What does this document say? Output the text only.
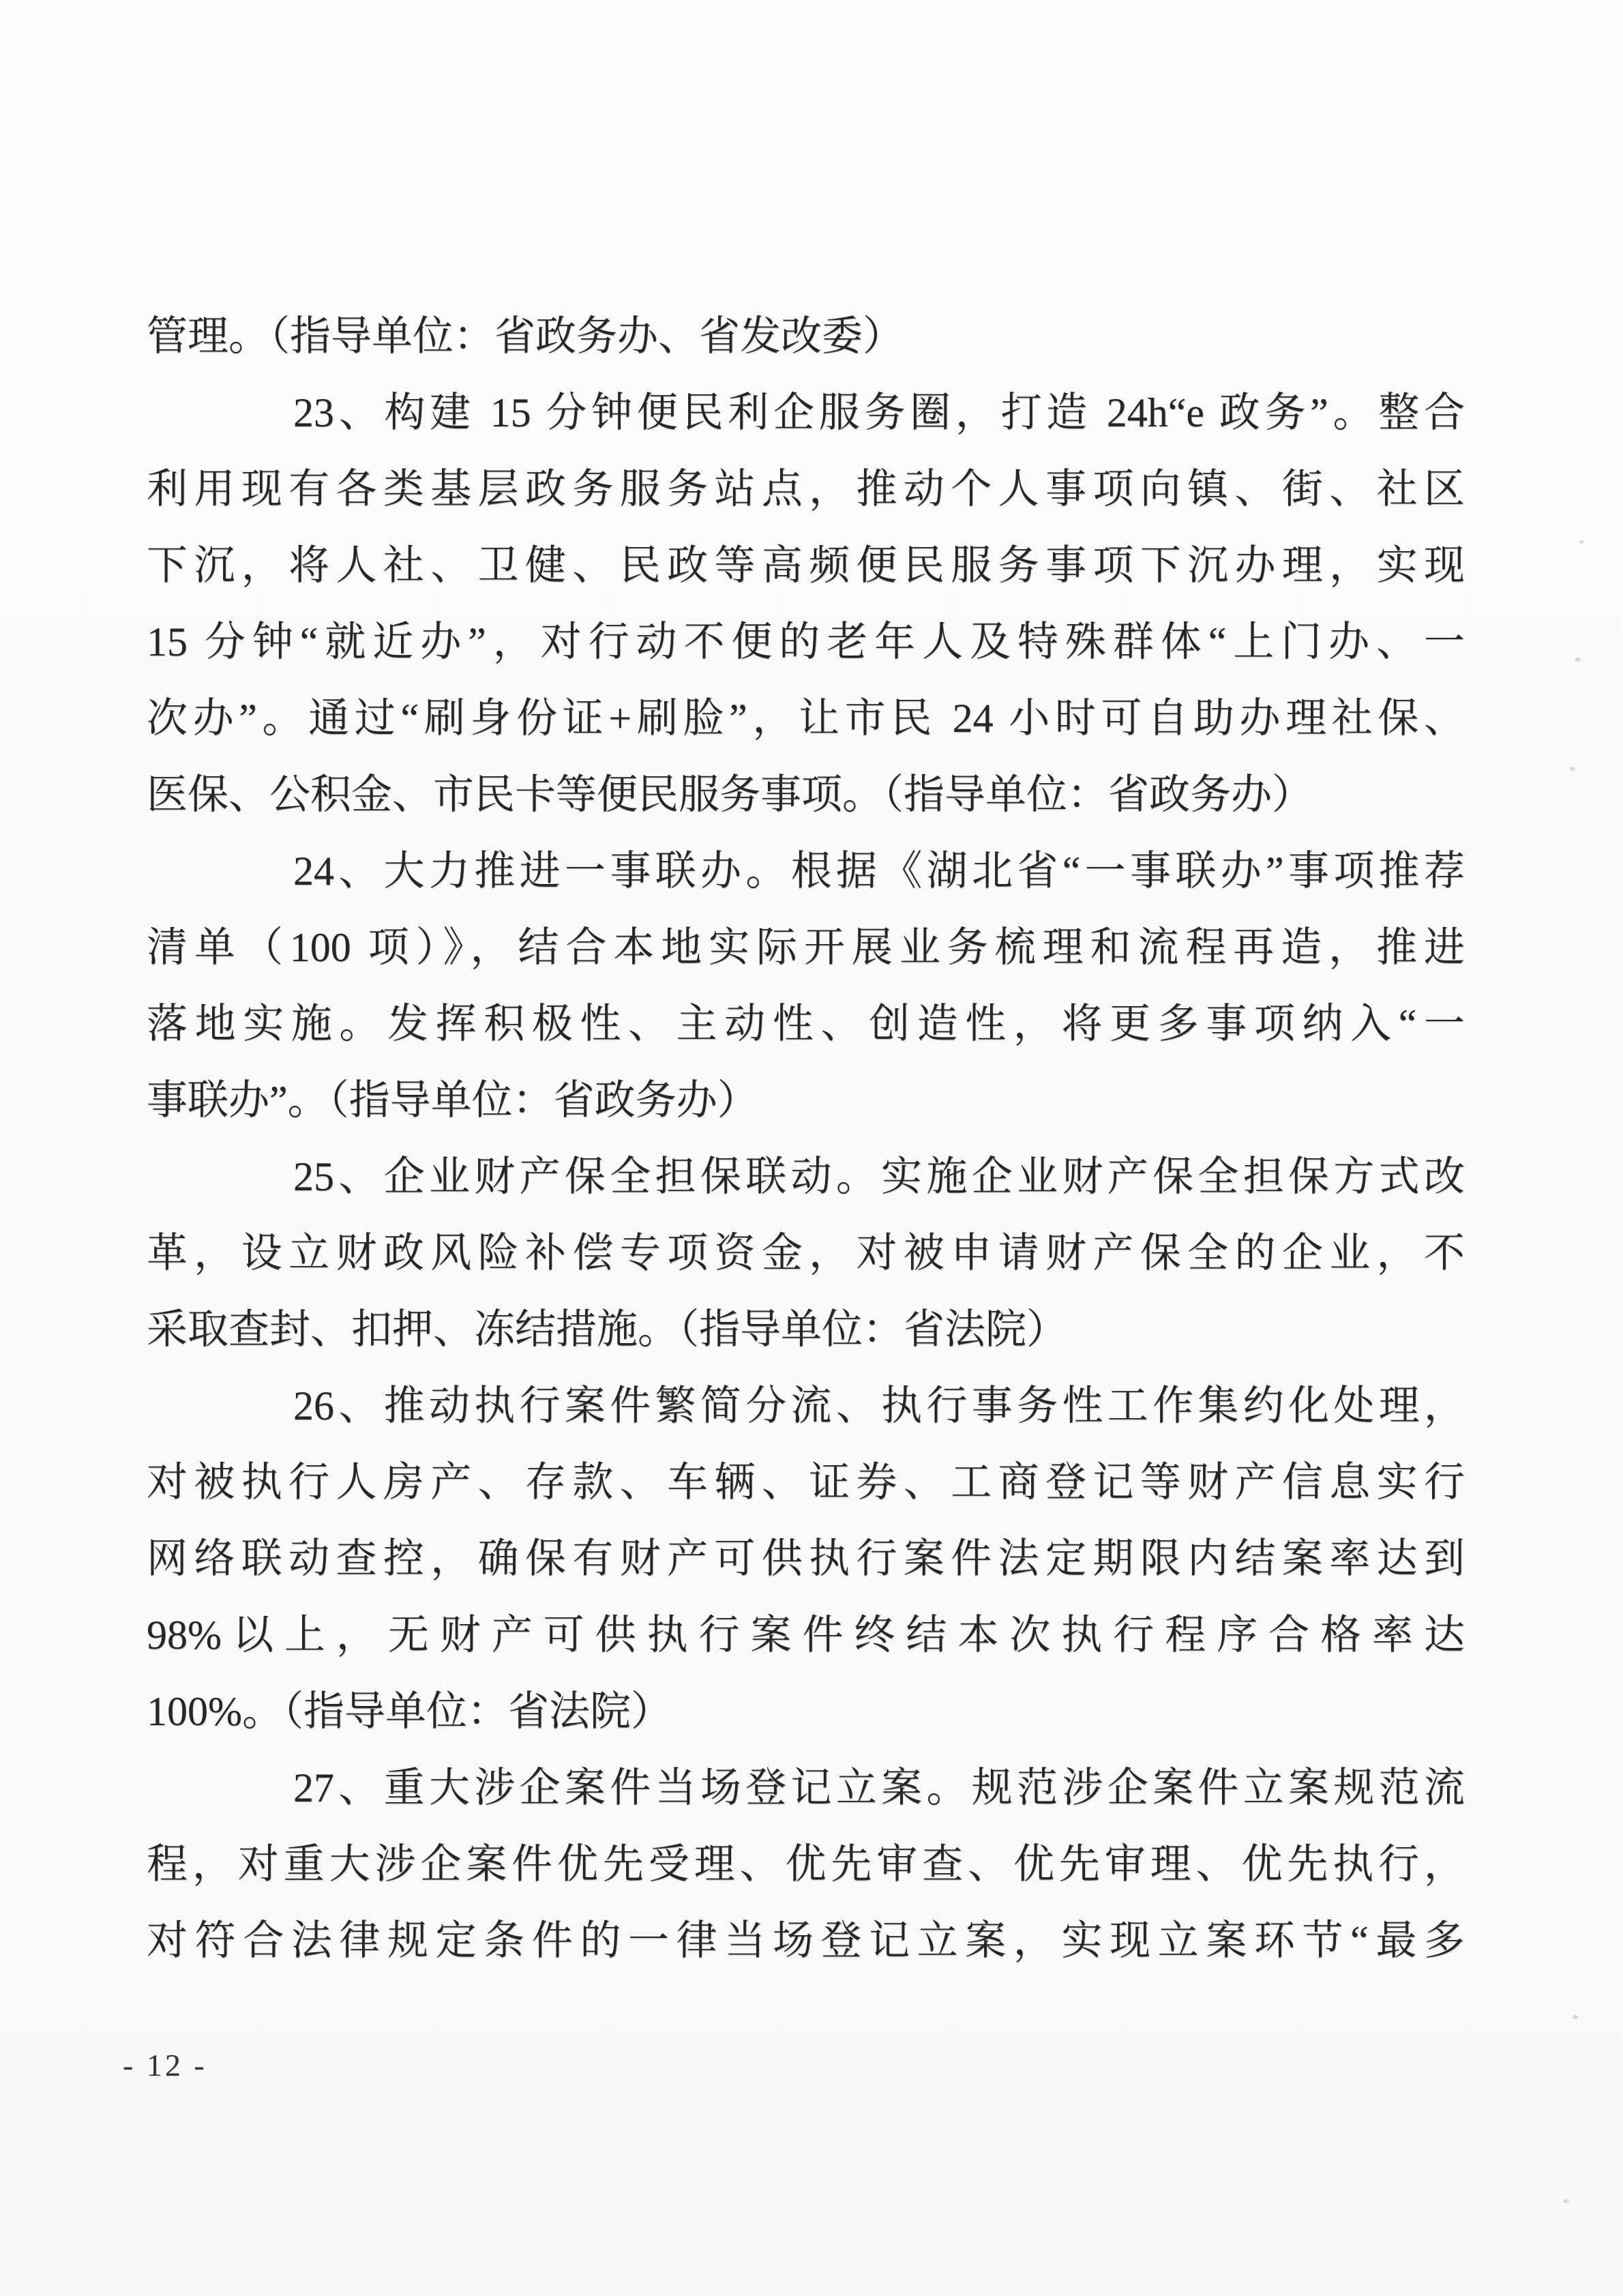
管理。（指导单位：省政务办、省发改委）
23、构建 15 分钟便民利企服务圈，打造 24h“e 政务”。整合
利用现有各类基层政务服务站点，推动个人事项向镇、街、社区
下沉，将人社、卫健、民政等高频便民服务事项下沉办理，实现
15 分钟“就近办”，对行动不便的老年人及特殊群体“上门办、一
次办”。通过“刷身份证+刷脸”，让市民 24 小时可自助办理社保、
医保、公积金、市民卡等便民服务事项。（指导单位：省政务办）
24、大力推进一事联办。根据《湖北省“一事联办”事项推荐
清单（100 项）》，结合本地实际开展业务梳理和流程再造，推进
落地实施。发挥积极性、主动性、创造性，将更多事项纳入“一
事联办”。（指导单位：省政务办）
25、企业财产保全担保联动。实施企业财产保全担保方式改
革，设立财政风险补偿专项资金，对被申请财产保全的企业，不
采取查封、扣押、冻结措施。（指导单位：省法院）
26、推动执行案件繁简分流、执行事务性工作集约化处理，
对被执行人房产、存款、车辆、证券、工商登记等财产信息实行
网络联动查控，确保有财产可供执行案件法定期限内结案率达到
98%以上，无财产可供执行案件终结本次执行程序合格率达
100%。（指导单位：省法院）
27、重大涉企案件当场登记立案。规范涉企案件立案规范流
程，对重大涉企案件优先受理、优先审查、优先审理、优先执行，
对符合法律规定条件的一律当场登记立案，实现立案环节“最多
- 12 -
